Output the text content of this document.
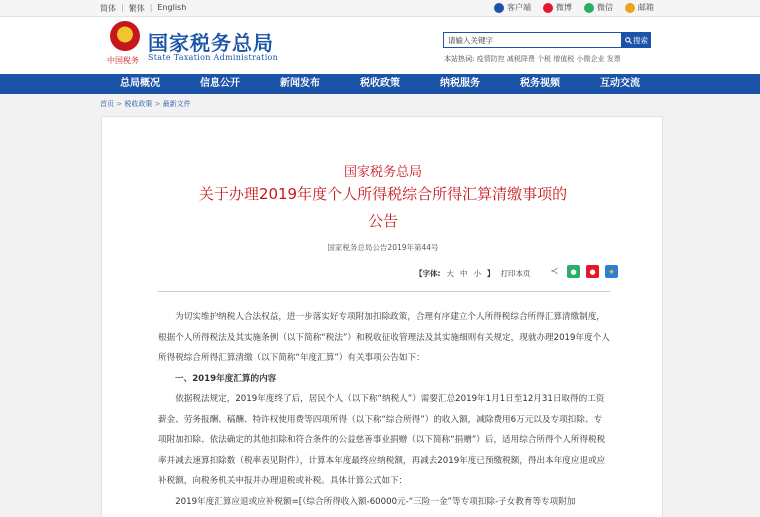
简体 | 繁体 | English	客户端	微博	微信	邮箱
中国税务
国家税务总局
State Taxation Administration
请输入关键字	搜索
本站热词: 疫情防控 减税降费 个税 增值税 小微企业 发票
总局概况	信息公开	新闻发布	税收政策	纳税服务	税务视频	互动交流
首页 > 税收政策 > 最新文件
国家税务总局
关于办理2019年度个人所得税综合所得汇算清缴事项的
公告
国家税务总局公告2019年第44号
【字体: 大 中 小 】 打印本页 ≺	●	●	★

为切实维护纳税人合法权益，进一步落实好专项附加扣除政策，合理有序建立个人所得税综合所得汇算清缴制度，根据个人所得税法及其实施条例（以下简称“税法”）和税收征收管理法及其实施细则有关规定，现就办理2019年度个人所得税综合所得汇算清缴（以下简称“年度汇算”）有关事项公告如下：

一、2019年度汇算的内容

依据税法规定，2019年度终了后，居民个人（以下称“纳税人”）需要汇总2019年1月1日至12月31日取得的工资薪金、劳务报酬、稿酬、特许权使用费等四项所得（以下称“综合所得”）的收入额，减除费用6万元以及专项扣除、专项附加扣除、依法确定的其他扣除和符合条件的公益慈善事业捐赠（以下简称“捐赠”）后，适用综合所得个人所得税税率并减去速算扣除数（税率表见附件），计算本年度最终应纳税额，再减去2019年度已预缴税额，得出本年度应退或应补税额，向税务机关申报并办理退税或补税。具体计算公式如下：

2019年度汇算应退或应补税额=[（综合所得收入额-60000元-“三险一金”等专项扣除-子女教育等专项附加
